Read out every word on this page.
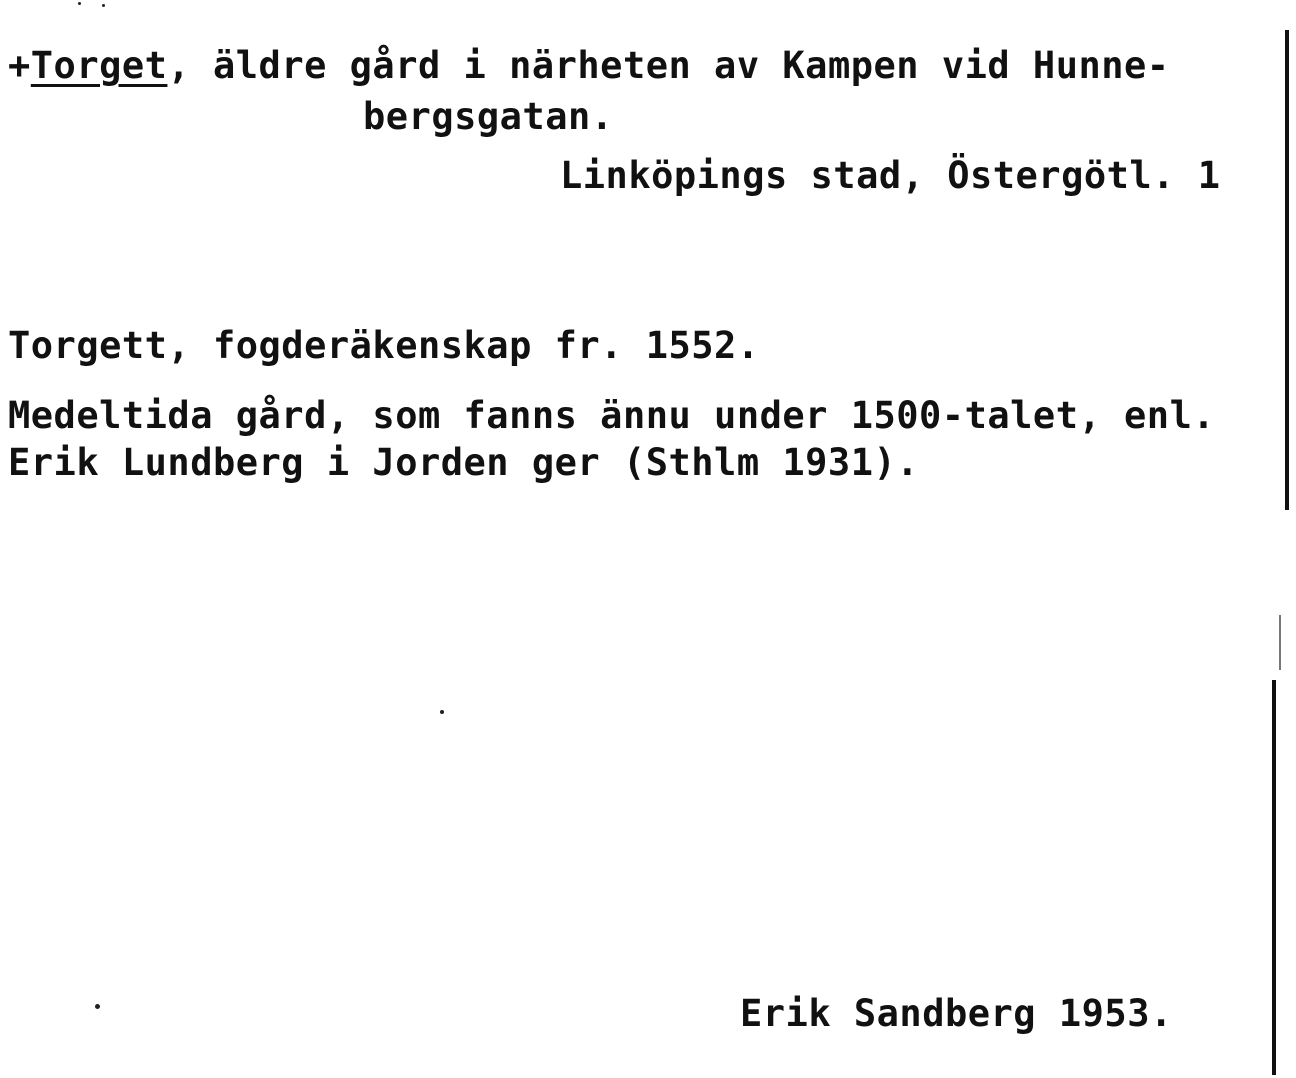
+Torget, äldre gård i närheten av Kampen vid Hunne-
bergsgatan.
Linköpings stad, Östergötl. 1
Torgett, fogderäkenskap fr. 1552.
Medeltida gård, som fanns ännu under 1500-talet, enl.
Erik Lundberg i Jorden ger (Sthlm 1931).
Erik Sandberg 1953.
